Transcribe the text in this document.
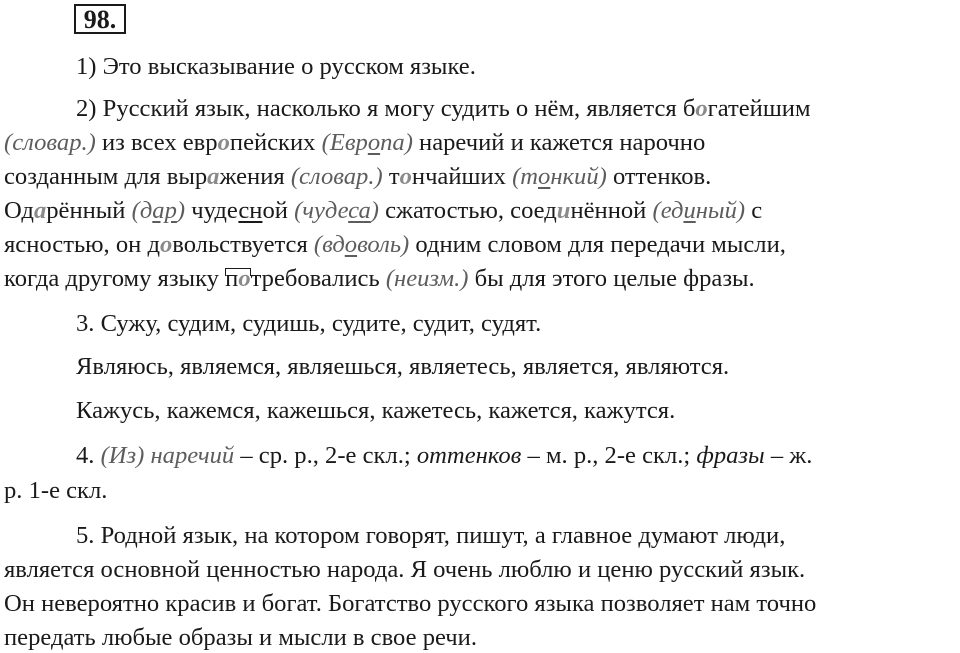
98.
1) Это высказывание о русском языке.
2) Русский язык, насколько я могу судить о нём, является богатейшим
(словар.) из всех европейских (Европа) наречий и кажется нарочно
созданным для выражения (словар.) тончайших (тонкий) оттенков.
Одарённый (дар) чудесной (чудеса) сжатостью, соединённой (единый) с
ясностью, он довольствуется (вдоволь) одним словом для передачи мысли,
когда другому языку по
требовались (неизм.) бы для этого целые фразы.
3. Сужу, судим, судишь, судите, судит, судят.
Являюсь, являемся, являешься, являетесь, является, являются.
Кажусь, кажемся, кажешься, кажетесь, кажется, кажутся.
4. (Из) наречий – ср. р., 2-е скл.; оттенков – м. р., 2-е скл.; фразы – ж.
р. 1-е скл.
5. Родной язык, на котором говорят, пишут, а главное думают люди,
является основной ценностью народа. Я очень люблю и ценю русский язык.
Он невероятно красив и богат. Богатство русского языка позволяет нам точно
передать любые образы и мысли в свое речи.
